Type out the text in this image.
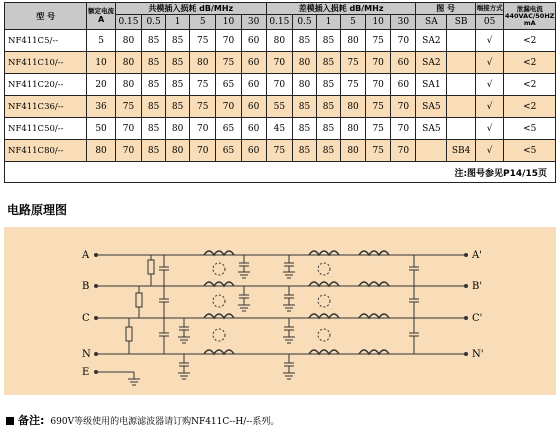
型 号	额定电流
A	共模插入损耗 dB/MHz						差模插入损耗 dB/MHz						图 号		端接方式	泄漏电流
440VAC/50HZ
mA

		0.15	0.5	1	5	10	30	0.15	0.5	1	5	10	30	SA	SB	05	
NF411C5/--	5	80	85	85	75	70	60	80	85	85	80	75	70	SA2		√	<2
NF411C10/--	10	80	85	85	80	75	60	70	80	85	75	70	60	SA2		√	<2
NF411C20/--	20	80	85	85	75	65	60	70	80	85	75	70	60	SA1		√	<2
NF411C36/--	36	75	85	85	75	70	60	55	85	85	80	75	70	SA5		√	<2
NF411C50/--	50	70	85	80	70	65	60	45	85	85	80	75	70	SA5		√	<5
NF411C80/--	80	70	85	80	70	65	60	75	85	85	80	75	70		SB4	√	<5
注:图号参见P14/15页																	
电路原理图
A
B
C
N
E
A'
B'
C'
N'
备注: 690V等级使用的电源滤波器请订购NF411C--H/--系列。
